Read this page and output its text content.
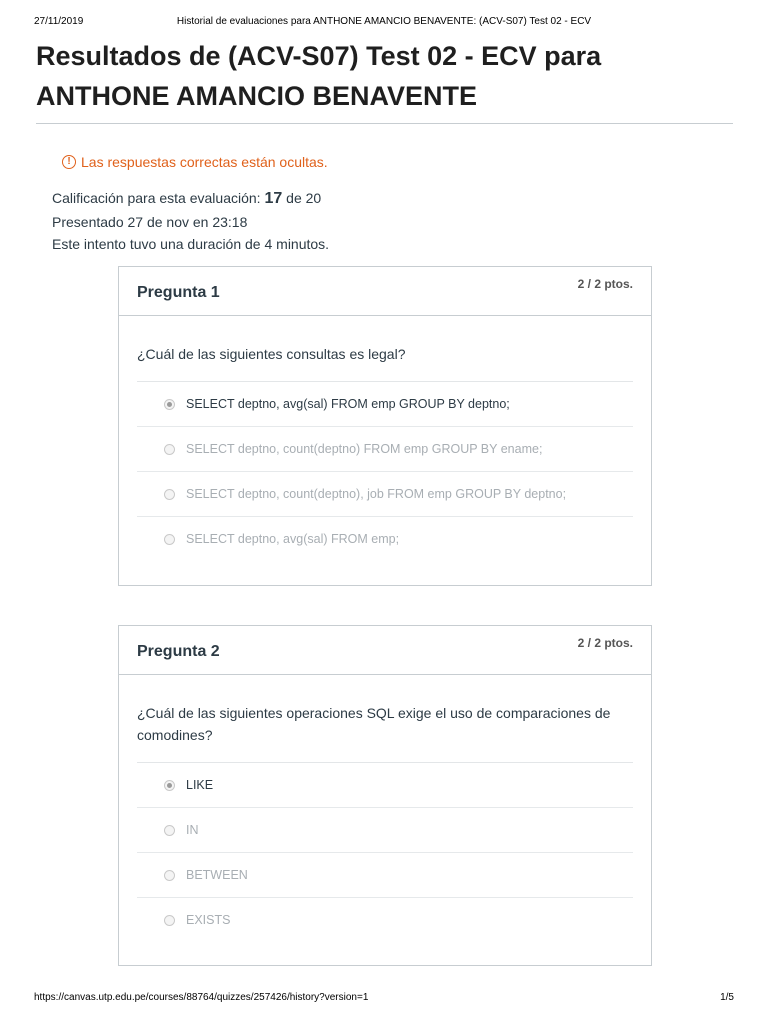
27/11/2019	Historial de evaluaciones para ANTHONE AMANCIO BENAVENTE: (ACV-S07) Test 02 - ECV
Resultados de (ACV-S07) Test 02 - ECV para ANTHONE AMANCIO BENAVENTE
! Las respuestas correctas están ocultas.
Calificación para esta evaluación: 17 de 20
Presentado 27 de nov en 23:18
Este intento tuvo una duración de 4 minutos.
Pregunta 1	2 / 2 ptos.
¿Cuál de las siguientes consultas es legal?
SELECT deptno, avg(sal) FROM emp GROUP BY deptno;
SELECT deptno, count(deptno) FROM emp GROUP BY ename;
SELECT deptno, count(deptno), job FROM emp GROUP BY deptno;
SELECT deptno, avg(sal) FROM emp;
Pregunta 2	2 / 2 ptos.
¿Cuál de las siguientes operaciones SQL exige el uso de comparaciones de comodines?
LIKE
IN
BETWEEN
EXISTS
https://canvas.utp.edu.pe/courses/88764/quizzes/257426/history?version=1	1/5
